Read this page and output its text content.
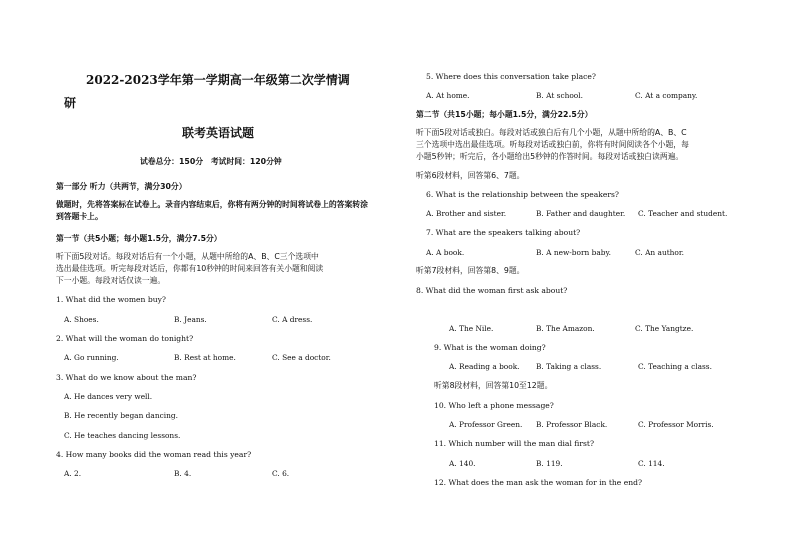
2022-2023学年第一学期高一年级第二次学情调
研
联考英语试题
试卷总分：150分　考试时间：120分钟
第一部分 听力（共两节，满分30分）
做题时，先将答案标在试卷上。录音内容结束后，你将有两分钟的时间将试卷上的答案转涂
到答题卡上。
第一节（共5小题；每小题1.5分，满分7.5分）
听下面5段对话。每段对话后有一个小题，从题中所给的A、B、C三个选项中
选出最佳选项。听完每段对话后，你都有10秒钟的时间来回答有关小题和阅读
下一小题。每段对话仅读一遍。
1. What did the women buy?
A. Shoes.	B. Jeans.	C. A dress.
2. What will the woman do tonight?
A. Go running.	B. Rest at home.	C. See a doctor.
3. What do we know about the man?
A. He dances very well.
B. He recently began dancing.
C. He teaches dancing lessons.
4. How many books did the woman read this year?
A. 2.	B. 4.	C. 6.
5. Where does this conversation take place?
A. At home.	B. At school.	C. At a company.
第二节（共15小题；每小题1.5分，满分22.5分）
听下面5段对话或独白。每段对话或独白后有几个小题，从题中所给的A、B、C
三个选项中选出最佳选项。听每段对话或独白前，你将有时间阅读各个小题，每
小题5秒钟；听完后，各小题给出5秒钟的作答时间。每段对话或独白读两遍。
听第6段材料，回答第6、7题。
6. What is the relationship between the speakers?
A. Brother and sister.	B. Father and daughter. C. Teacher and student.
7. What are the speakers talking about?
A. A book.	B. A new-born baby.	C. An author.
听第7段材料，回答第8、9题。
8. What did the woman first ask about?
A. The Nile.	B. The Amazon.	C. The Yangtze.
9. What is the woman doing?
A. Reading a book. B. Taking a class.	C. Teaching a class.
听第8段材料，回答第10至12题。
10. Who left a phone message?
A. Professor Green. B. Professor Black.	C. Professor Morris.
11. Which number will the man dial first?
A. 140.	B. 119.	C. 114.
12. What does the man ask the woman for in the end?
